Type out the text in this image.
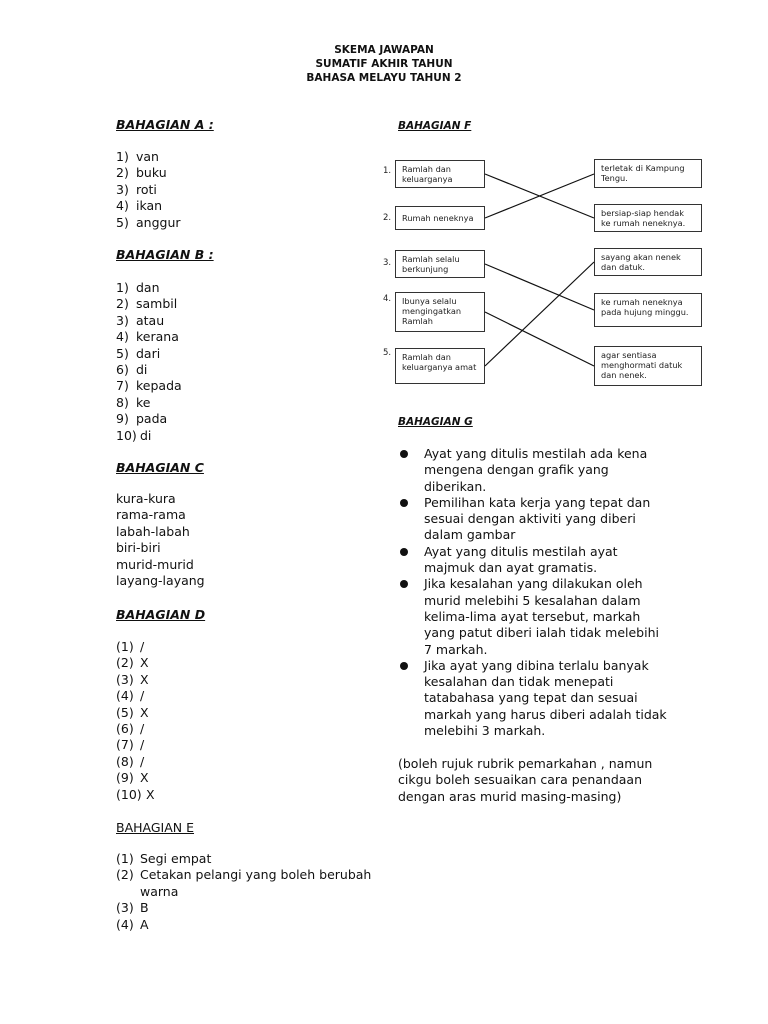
SKEMA JAWAPAN
SUMATIF AKHIR TAHUN
BAHASA MELAYU TAHUN 2
BAHAGIAN A :
1) van
2) buku
3) roti
4) ikan
5) anggur
BAHAGIAN B :
1) dan
2) sambil
3) atau
4) kerana
5) dari
6) di
7) kepada
8) ke
9) pada
10) di
BAHAGIAN C
kura-kura
rama-rama
labah-labah
biri-biri
murid-murid
layang-layang
BAHAGIAN D
(1) /
(2) X
(3) X
(4) /
(5) X
(6) /
(7) /
(8) /
(9) X
(10) X
BAHAGIAN E
(1) Segi empat
(2) Cetakan pelangi yang boleh berubah warna
(3) B
(4) A
BAHAGIAN F
1.
2.
3.
4.
5.
Ramlah dan keluarganya
Rumah neneknya
Ramlah selalu berkunjung
Ibunya selalu mengingatkan Ramlah
Ramlah dan keluarganya amat
terletak di Kampung Tengu.
bersiap-siap hendak ke rumah neneknya.
sayang akan nenek dan datuk.
ke rumah neneknya pada hujung minggu.
agar sentiasa menghormati datuk dan nenek.
BAHAGIAN G
Ayat yang ditulis mestilah ada kena mengena dengan grafik yang diberikan.
Pemilihan kata kerja yang tepat dan sesuai dengan aktiviti yang diberi dalam gambar
Ayat yang ditulis mestilah ayat majmuk dan ayat gramatis.
Jika kesalahan yang dilakukan oleh murid melebihi 5 kesalahan dalam kelima-lima ayat tersebut, markah yang patut diberi ialah tidak melebihi 7 markah.
Jika ayat yang dibina terlalu banyak kesalahan dan tidak menepati tatabahasa yang tepat dan sesuai markah yang harus diberi adalah tidak melebihi 3 markah.
(boleh rujuk rubrik pemarkahan , namun cikgu boleh sesuaikan cara penandaan dengan aras murid masing-masing)
